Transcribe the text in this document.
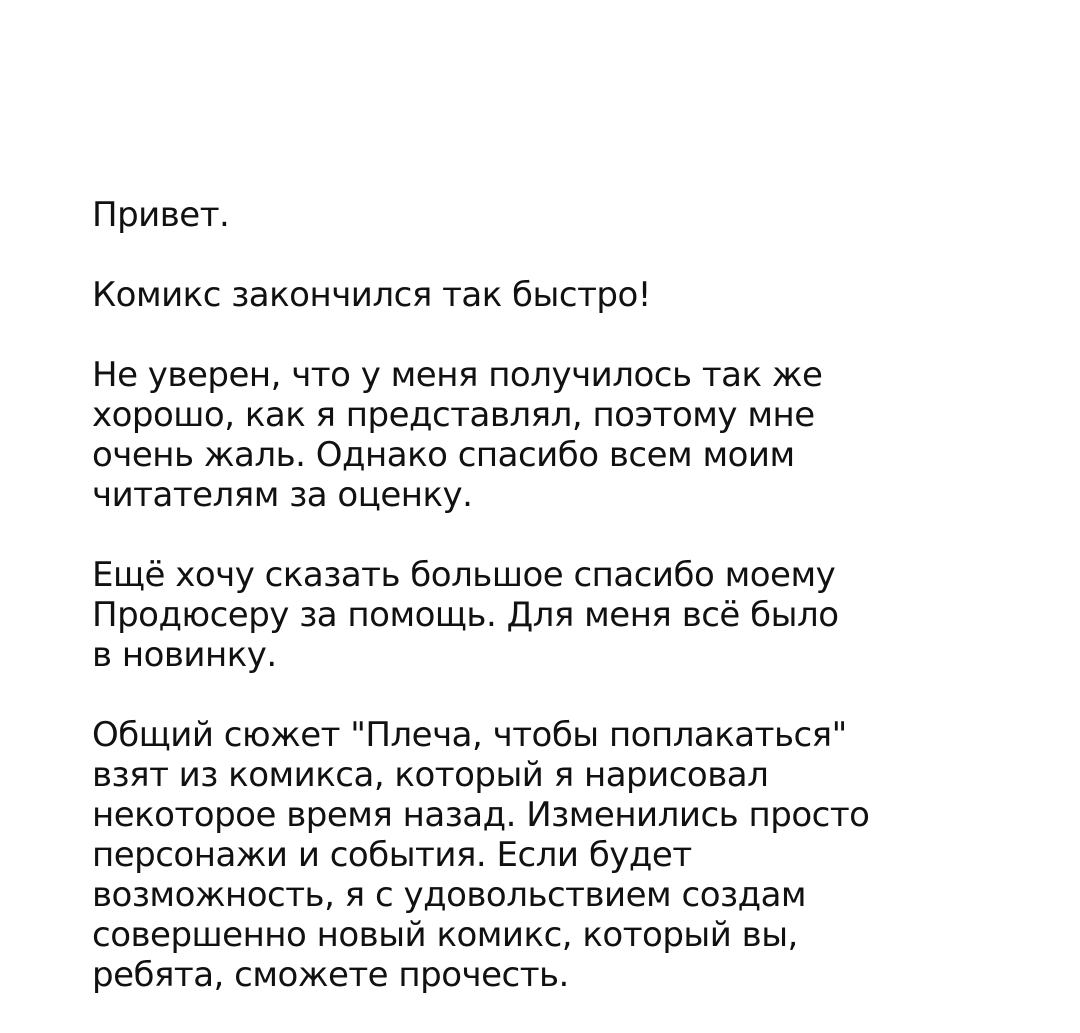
Привет.
Комикс закончился так быстро!
Не уверен, что у меня получилось так же
хорошо, как я представлял, поэтому мне
очень жаль. Однако спасибо всем моим
читателям за оценку.
Ещё хочу сказать большое спасибо моему
Продюсеру за помощь. Для меня всё было
в новинку.
Общий сюжет "Плеча, чтобы поплакаться"
взят из комикса, который я нарисовал
некоторое время назад. Изменились просто
персонажи и события. Если будет
возможность, я с удовольствием создам
совершенно новый комикс, который вы,
ребята, сможете прочесть.
